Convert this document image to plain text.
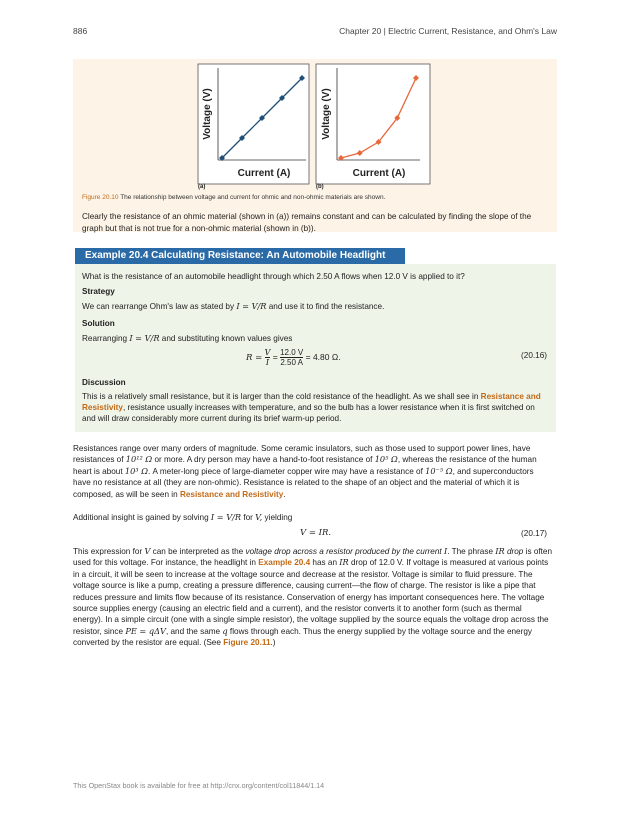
886	Chapter 20 | Electric Current, Resistance, and Ohm's Law
Current (A)
Voltage (V)
Current (A)
Voltage (V)
(a)	(b)
Figure 20.10 The relationship between voltage and current for ohmic and non-ohmic materials are shown.
Clearly the resistance of an ohmic material (shown in (a)) remains constant and can be calculated by finding the slope of the graph but that is not true for a non-ohmic material (shown in (b)).
Example 20.4 Calculating Resistance: An Automobile Headlight
What is the resistance of an automobile headlight through which 2.50 A flows when 12.0 V is applied to it?
Strategy
We can rearrange Ohm's law as stated by I = V/R and use it to find the resistance.
Solution
Rearranging I = V/R and substituting known values gives
$R = \frac{V}{I} = \frac{12.0 V}{2.50 A} = 4.80$ Ω.	(20.16)
Discussion
This is a relatively small resistance, but it is larger than the cold resistance of the headlight. As we shall see in Resistance and Resistivity, resistance usually increases with temperature, and so the bulb has a lower resistance when it is first switched on and will draw considerably more current during its brief warm-up period.
Resistances range over many orders of magnitude. Some ceramic insulators, such as those used to support power lines, have resistances of 10¹² Ω or more. A dry person may have a hand-to-foot resistance of 10⁵ Ω, whereas the resistance of the human heart is about 10³ Ω. A meter-long piece of large-diameter copper wire may have a resistance of 10⁻⁵ Ω, and superconductors have no resistance at all (they are non-ohmic). Resistance is related to the shape of an object and the material of which it is composed, as will be seen in Resistance and Resistivity.
Additional insight is gained by solving I = V/R for V, yielding
V = IR.	(20.17)
This expression for V can be interpreted as the voltage drop across a resistor produced by the current I. The phrase IR drop is often used for this voltage. For instance, the headlight in Example 20.4 has an IR drop of 12.0 V. If voltage is measured at various points in a circuit, it will be seen to increase at the voltage source and decrease at the resistor. Voltage is similar to fluid pressure. The voltage source is like a pump, creating a pressure difference, causing current—the flow of charge. The resistor is like a pipe that reduces pressure and limits flow because of its resistance. Conservation of energy has important consequences here. The voltage source supplies energy (causing an electric field and a current), and the resistor converts it to another form (such as thermal energy). In a simple circuit (one with a single simple resistor), the voltage supplied by the source equals the voltage drop across the resistor, since PE = qΔV, and the same q flows through each. Thus the energy supplied by the voltage source and the energy converted by the resistor are equal. (See Figure 20.11.)
This OpenStax book is available for free at http://cnx.org/content/col11844/1.14
